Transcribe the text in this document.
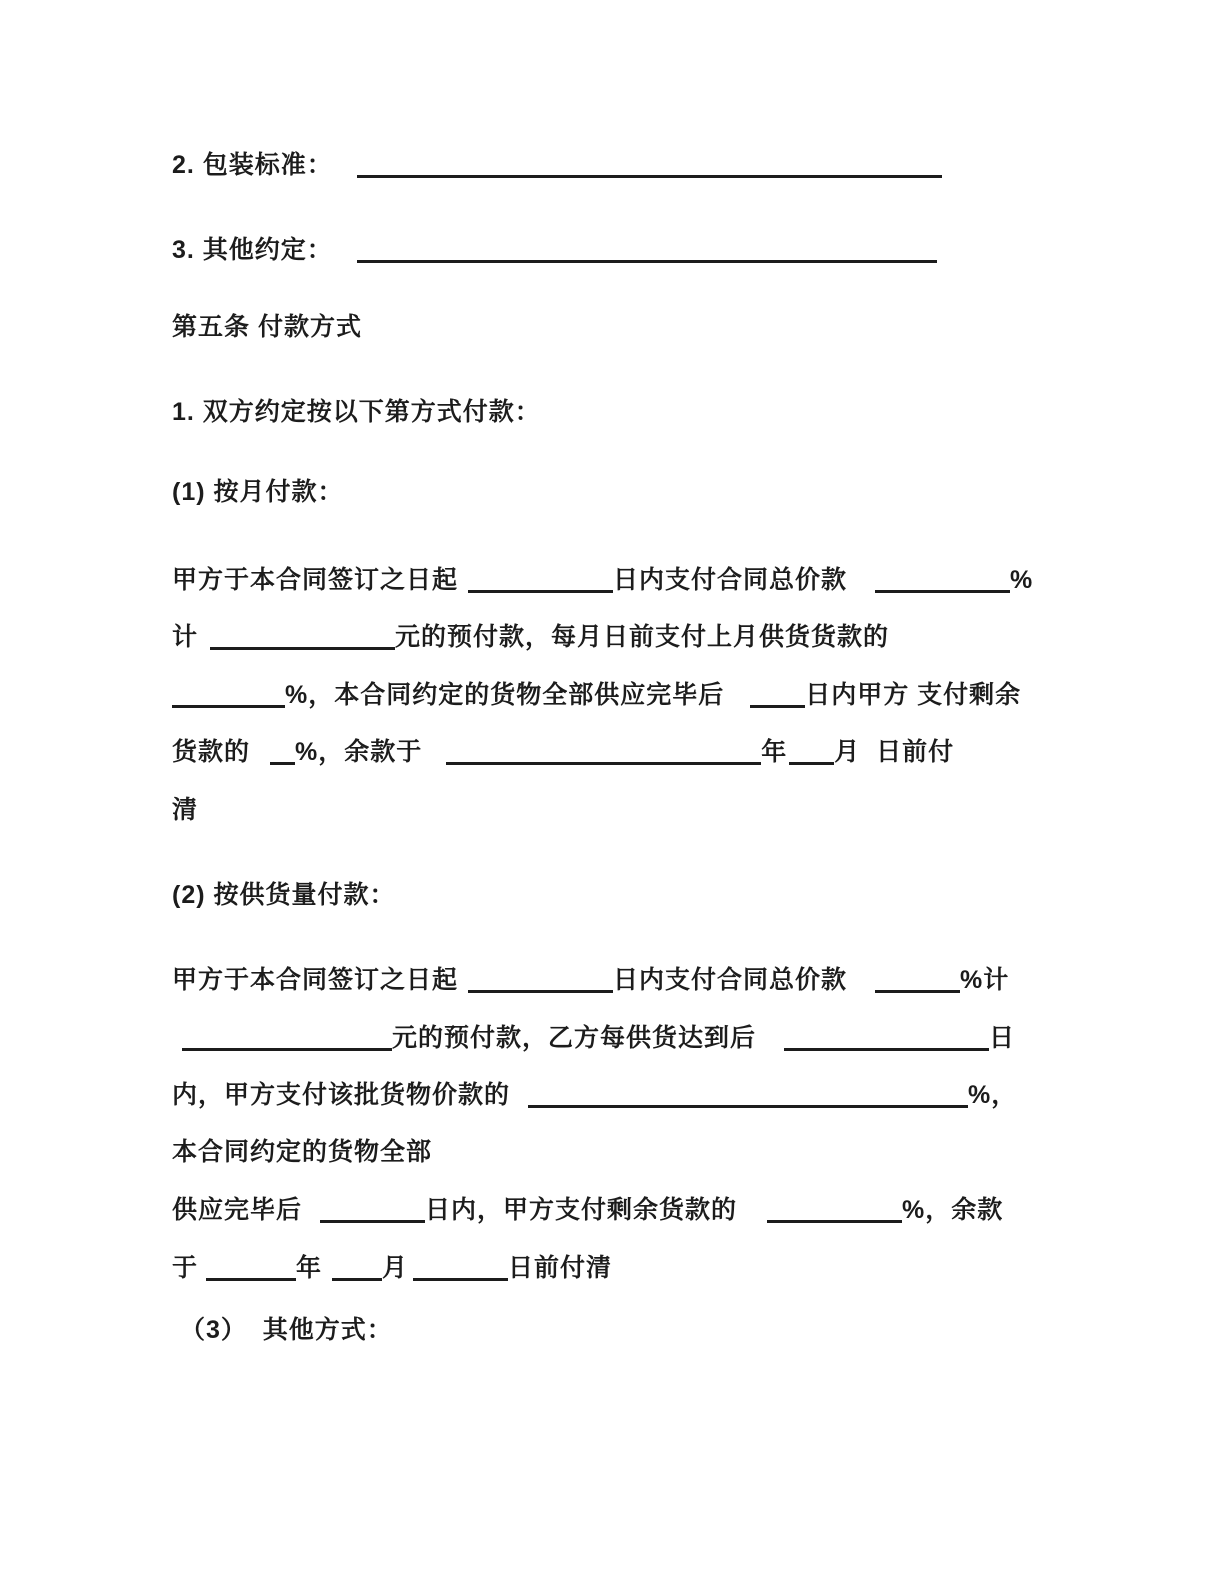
2. 包装标准：

3. 其他约定：

第五条 付款方式

1. 双方约定按以下第方式付款：

(1) 按月付款：

甲方于本合同签订之日起	日内支付合同总价款	%

计	元的预付款，每月日前支付上月供货货款的

%，本合同约定的货物全部供应完毕后	日内甲方 支付剩余

货款的 %，余款于	年 月  日前付

清

(2) 按供货量付款：

甲方于本合同签订之日起	日内支付合同总价款	%计

元的预付款，乙方每供货达到后	日

内，甲方支付该批货物价款的	%，

本合同约定的货物全部

供应完毕后	日内，甲方支付剩余货款的	%，余款

于	年 月	日前付清

（3）  其他方式：
